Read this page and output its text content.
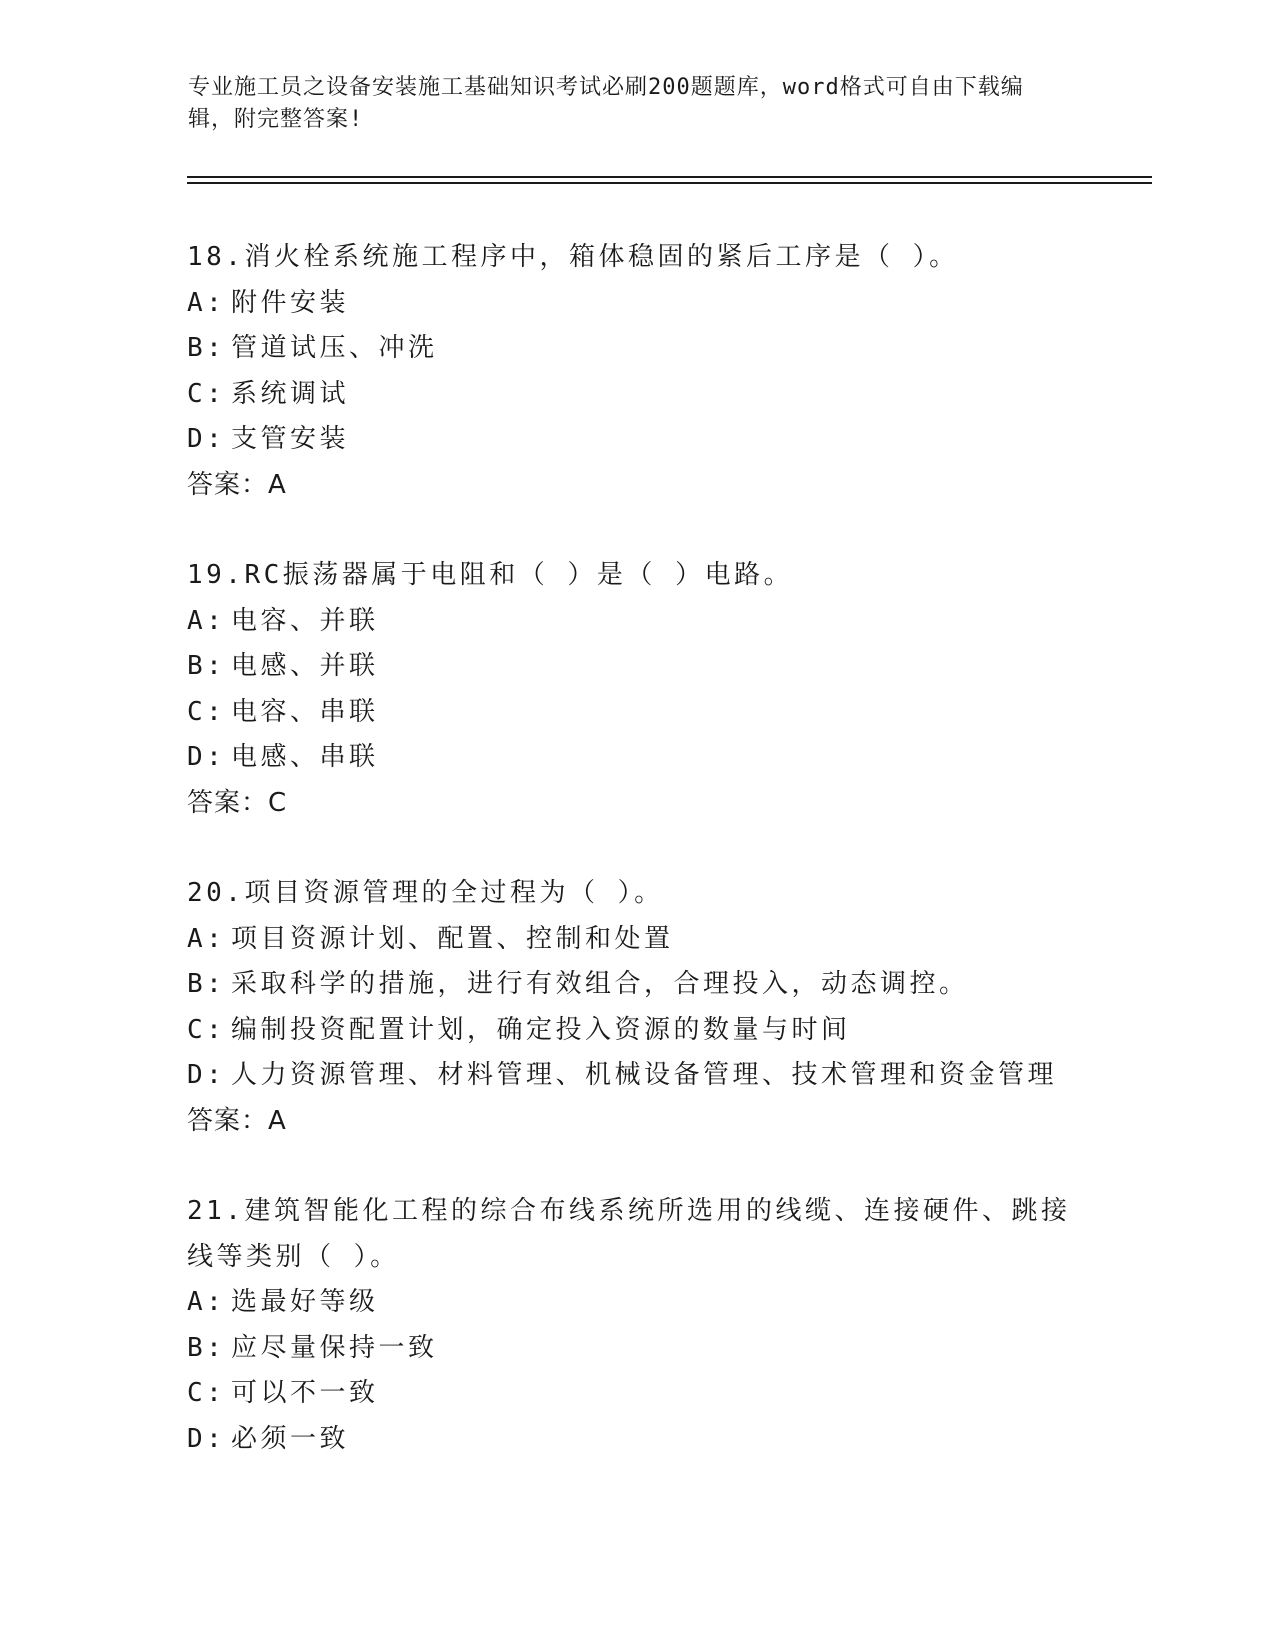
专业施工员之设备安装施工基础知识考试必刷200题题库，word格式可自由下载编辑，附完整答案!
18.消火栓系统施工程序中，箱体稳固的紧后工序是（ ）。
A: 附件安装
B: 管道试压、冲洗
C: 系统调试
D: 支管安装
答案：A
19.RC振荡器属于电阻和（ ）是（ ）电路。
A: 电容、并联
B: 电感、并联
C: 电容、串联
D: 电感、串联
答案：C
20.项目资源管理的全过程为（ ）。
A: 项目资源计划、配置、控制和处置
B: 采取科学的措施，进行有效组合，合理投入，动态调控。
C: 编制投资配置计划，确定投入资源的数量与时间
D: 人力资源管理、材料管理、机械设备管理、技术管理和资金管理
答案：A
21.建筑智能化工程的综合布线系统所选用的线缆、连接硬件、跳接线等类别（ ）。
A: 选最好等级
B: 应尽量保持一致
C: 可以不一致
D: 必须一致
